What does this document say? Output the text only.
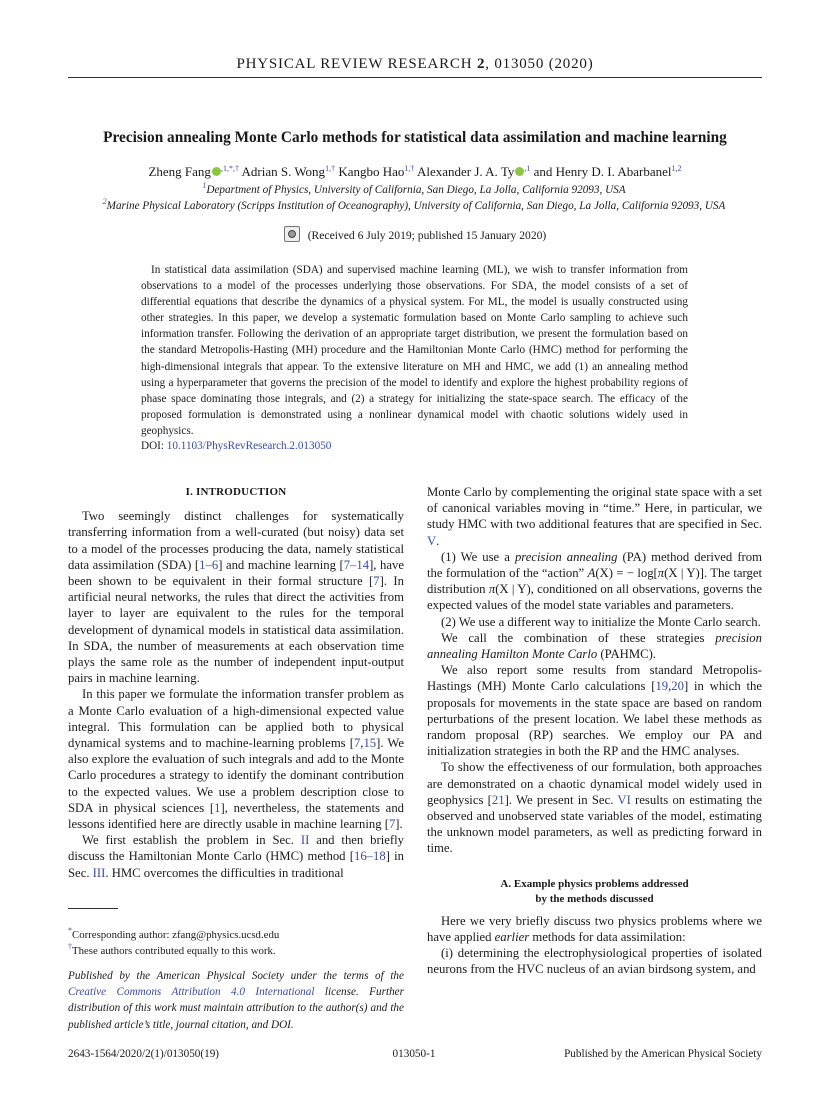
PHYSICAL REVIEW RESEARCH 2, 013050 (2020)
Precision annealing Monte Carlo methods for statistical data assimilation and machine learning
Zheng Fang $^{,1,*,\dagger}$ Adrian S. Wong$^{1,\dagger}$ Kangbo Hao$^{1,\dagger}$ Alexander J. A. Ty $^{,1}$ and Henry D. I. Abarbanel$^{1,2}$
$^1$Department of Physics, University of California, San Diego, La Jolla, California 92093, USA
$^2$Marine Physical Laboratory (Scripps Institution of Oceanography), University of California, San Diego, La Jolla, California 92093, USA
(Received 6 July 2019; published 15 January 2020)

In statistical data assimilation (SDA) and supervised machine learning (ML), we wish to transfer information from observations to a model of the processes underlying those observations. For SDA, the model consists of a set of differential equations that describe the dynamics of a physical system. For ML, the model is usually constructed using other strategies. In this paper, we develop a systematic formulation based on Monte Carlo sampling to achieve such information transfer. Following the derivation of an appropriate target distribution, we present the formulation based on the standard Metropolis-Hasting (MH) procedure and the Hamiltonian Monte Carlo (HMC) method for performing the high-dimensional integrals that appear. To the extensive literature on MH and HMC, we add (1) an annealing method using a hyperparameter that governs the precision of the model to identify and explore the highest probability regions of phase space dominating those integrals, and (2) a strategy for initializing the state-space search. The efficacy of the proposed formulation is demonstrated using a nonlinear dynamical model with chaotic solutions widely used in geophysics.

DOI: 10.1103/PhysRevResearch.2.013050
I. INTRODUCTION

Two seemingly distinct challenges for systematically transferring information from a well-curated (but noisy) data set to a model of the processes producing the data, namely statistical data assimilation (SDA) [1–6] and machine learning [7–14], have been shown to be equivalent in their formal structure [7]. In artificial neural networks, the rules that direct the activities from layer to layer are equivalent to the rules for the temporal development of dynamical models in statistical data assimilation. In SDA, the number of measurements at each observation time plays the same role as the number of independent input-output pairs in machine learning.

In this paper we formulate the information transfer problem as a Monte Carlo evaluation of a high-dimensional expected value integral. This formulation can be applied both to physical dynamical systems and to machine-learning problems [7,15]. We also explore the evaluation of such integrals and add to the Monte Carlo procedures a strategy to identify the dominant contribution to the expected values. We use a problem description close to SDA in physical sciences [1], nevertheless, the statements and lessons identified here are directly usable in machine learning [7].

We first establish the problem in Sec. II and then briefly discuss the Hamiltonian Monte Carlo (HMC) method [16–18] in Sec. III. HMC overcomes the difficulties in traditional

*Corresponding author: zfang@physics.ucsd.edu
†These authors contributed equally to this work.

Published by the American Physical Society under the terms of the Creative Commons Attribution 4.0 International license. Further distribution of this work must maintain attribution to the author(s) and the published article’s title, journal citation, and DOI.

Monte Carlo by complementing the original state space with a set of canonical variables moving in “time.” Here, in particular, we study HMC with two additional features that are specified in Sec. V.

(1) We use a precision annealing (PA) method derived from the formulation of the “action” A(X) = − log[π(X | Y)]. The target distribution π(X | Y), conditioned on all observations, governs the expected values of the model state variables and parameters.

(2) We use a different way to initialize the Monte Carlo search.

We call the combination of these strategies precision annealing Hamilton Monte Carlo (PAHMC).

We also report some results from standard Metropolis-Hastings (MH) Monte Carlo calculations [19,20] in which the proposals for movements in the state space are based on random perturbations of the present location. We label these methods as random proposal (RP) searches. We employ our PA and initialization strategies in both the RP and the HMC analyses.

To show the effectiveness of our formulation, both approaches are demonstrated on a chaotic dynamical model widely used in geophysics [21]. We present in Sec. VI results on estimating the observed and unobserved state variables of the model, estimating the unknown model parameters, as well as predicting forward in time.

A. Example physics problems addressed
by the methods discussed

Here we very briefly discuss two physics problems where we have applied earlier methods for data assimilation:

(i) determining the electrophysiological properties of isolated neurons from the HVC nucleus of an avian birdsong system, and

2643-1564/2020/2(1)/013050(19)	013050-1	Published by the American Physical Society
